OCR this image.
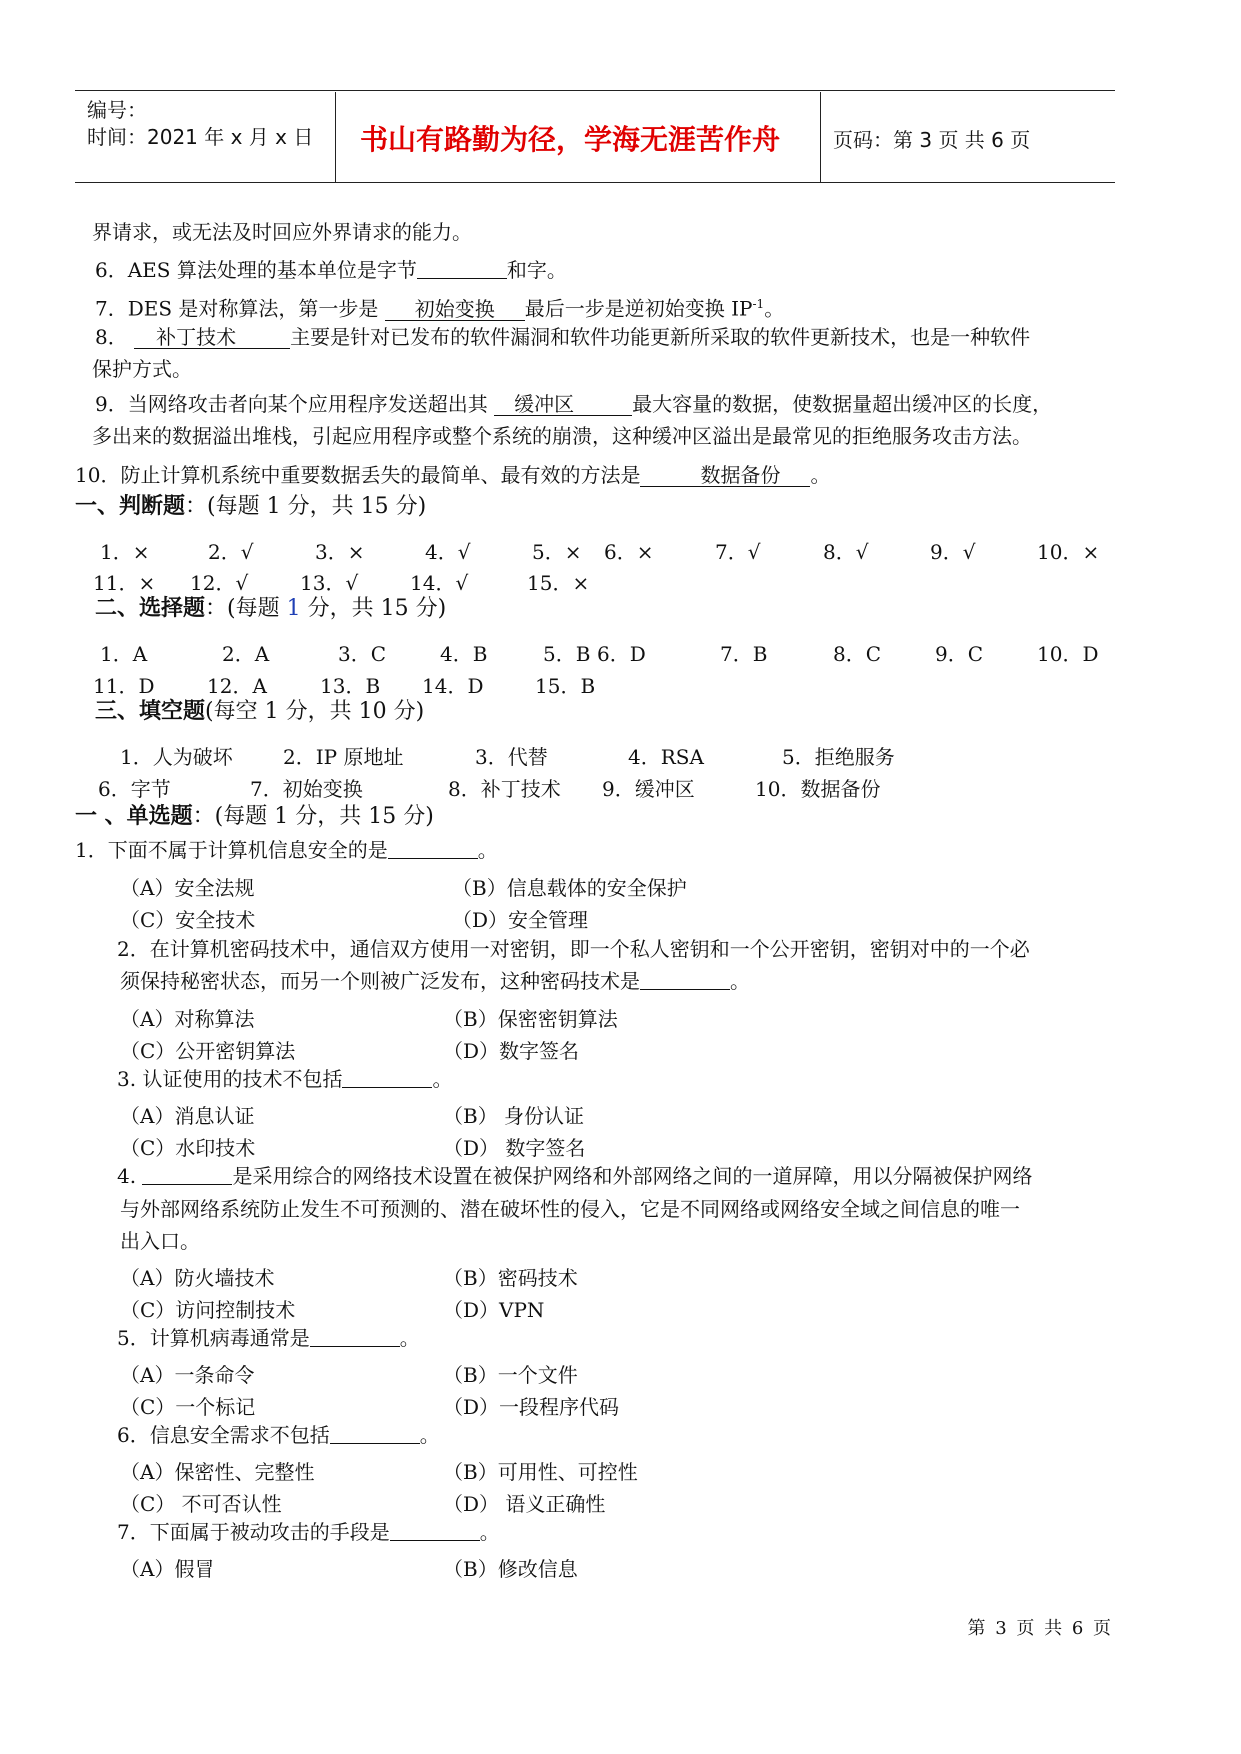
编号：
时间：2021 年 x 月 x 日 书山有路勤为径，学海无涯苦作舟	页码：第 3 页 共 6 页
界请求，或无法及时回应外界请求的能力。
6．AES 算法处理的基本单位是字节	和字。
7．DES 是对称算法，第一步是 初始变换 最后一步是逆初始变换 $IP^{-1}$。
8． 补丁技术	主要是针对已发布的软件漏洞和软件功能更新所采取的软件更新技术，也是一种软件
保护方式。
9．当网络攻击者向某个应用程序发送超出其 缓冲区	最大容量的数据，使数据量超出缓冲区的长度，
多出来的数据溢出堆栈，引起应用程序或整个系统的崩溃，这种缓冲区溢出是最常见的拒绝服务攻击方法。
10．防止计算机系统中重要数据丢失的最简单、最有效的方法是	数据备份 。
一、判断题：(每题 1 分，共 15 分)
1．×	2．√	3．×	4．√	5．× 6．×	7．√	8．√	9．√	10．×
11．× 12．√	13．√	14．√	15．×
二、选择题：(每题 1 分，共 15 分)
1．A	2．A	3．C	4．B	5．B 6．D	7．B	8．C	9．C	10．D
11．D	12．A	13．B 14．D	15．B
三、填空题(每空 1 分，共 10 分)
1．人为破坏	2．IP 原地址	3．代替	4．RSA	5．拒绝服务
6．字节	7．初始变换	8．补丁技术 9．缓冲区	10．数据备份
一 、单选题：(每题 1 分，共 15 分)
1．下面不属于计算机信息安全的是	。
（A）安全法规	（B）信息载体的安全保护
（C）安全技术	（D）安全管理
2．在计算机密码技术中，通信双方使用一对密钥，即一个私人密钥和一个公开密钥，密钥对中的一个必
须保持秘密状态，而另一个则被广泛发布，这种密码技术是	。
（A）对称算法	（B）保密密钥算法
（C）公开密钥算法	（D）数字签名
3. 认证使用的技术不包括	。
（A）消息认证	（B） 身份认证
（C）水印技术	（D） 数字签名
4.	是采用综合的网络技术设置在被保护网络和外部网络之间的一道屏障，用以分隔被保护网络
与外部网络系统防止发生不可预测的、潜在破坏性的侵入，它是不同网络或网络安全域之间信息的唯一
出入口。
（A）防火墙技术	（B）密码技术
（C）访问控制技术	（D）VPN
5．计算机病毒通常是	。
（A）一条命令	（B）一个文件
（C）一个标记	（D）一段程序代码
6．信息安全需求不包括	。
（A）保密性、完整性	（B）可用性、可控性
（C） 不可否认性	（D） 语义正确性
7．下面属于被动攻击的手段是	。
（A）假冒	（B）修改信息
第 3 页 共 6 页
